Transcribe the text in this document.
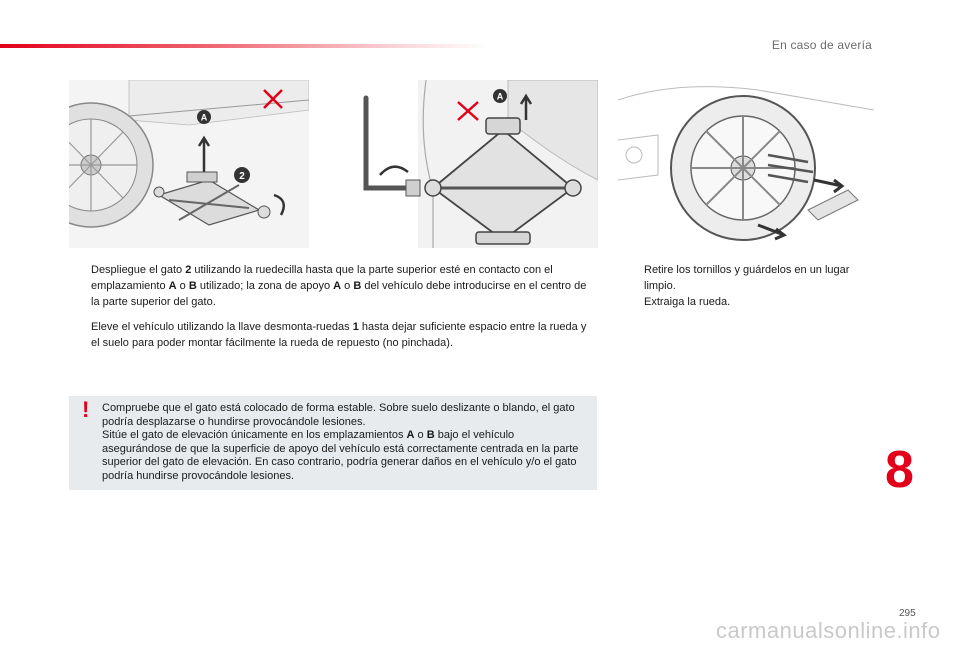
En caso de avería
A
2
A
Despliegue el gato 2 utilizando la ruedecilla hasta que la parte superior esté en contacto con el emplazamiento A o B utilizado; la zona de apoyo A o B del vehículo debe introducirse en el centro de la parte superior del gato.
Eleve el vehículo utilizando la llave desmonta-ruedas 1 hasta dejar suficiente espacio entre la rueda y el suelo para poder montar fácilmente la rueda de repuesto (no pinchada).
Retire los tornillos y guárdelos en un lugar limpio.
Extraiga la rueda.
! Compruebe que el gato está colocado de forma estable. Sobre suelo deslizante o blando, el gato podría desplazarse o hundirse provocándole lesiones.
Sitúe el gato de elevación únicamente en los emplazamientos A o B bajo el vehículo asegurándose de que la superficie de apoyo del vehículo está correctamente centrada en la parte superior del gato de elevación. En caso contrario, podría generar daños en el vehículo y/o el gato podría hundirse provocándole lesiones.	8
295
carmanualsonline.info
